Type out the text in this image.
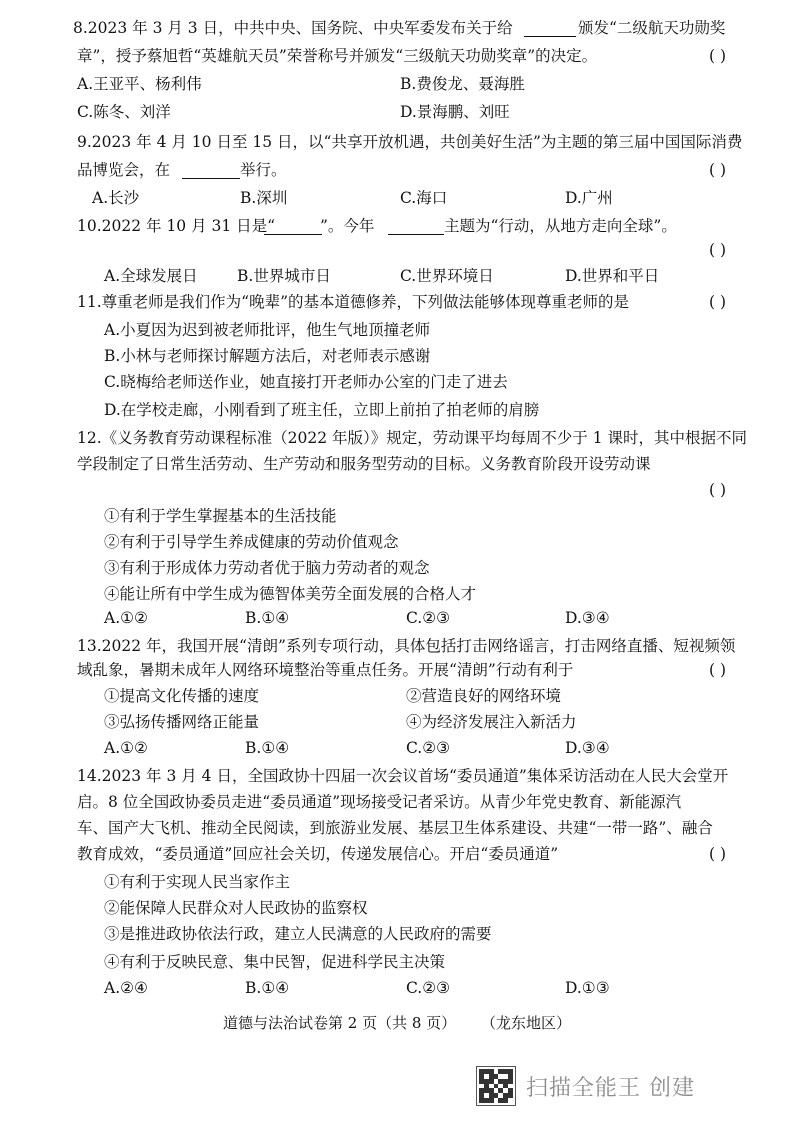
8.2023 年 3 月 3 日，中共中央、国务院、中央军委发布关于给	颁发“二级航天功勋奖
章”，授予蔡旭哲“英雄航天员”荣誉称号并颁发“三级航天功勋奖章”的决定。	( )
A.王亚平、杨利伟	B.费俊龙、聂海胜
C.陈冬、刘洋	D.景海鹏、刘旺
9.2023 年 4 月 10 日至 15 日，以“共享开放机遇，共创美好生活”为主题的第三届中国国际消费
品博览会，在	举行。	( )
A.长沙	B.深圳	C.海口	D.广州
10.2022 年 10 月 31 日是“	”。今年	主题为“行动，从地方走向全球”。
( )
A.全球发展日	B.世界城市日	C.世界环境日	D.世界和平日
11.尊重老师是我们作为“晚辈”的基本道德修养，下列做法能够体现尊重老师的是	( )
A.小夏因为迟到被老师批评，他生气地顶撞老师
B.小林与老师探讨解题方法后，对老师表示感谢
C.晓梅给老师送作业，她直接打开老师办公室的门走了进去
D.在学校走廊，小刚看到了班主任，立即上前拍了拍老师的肩膀
12.《义务教育劳动课程标准（2022 年版）》规定，劳动课平均每周不少于 1 课时，其中根据不同
学段制定了日常生活劳动、生产劳动和服务型劳动的目标。义务教育阶段开设劳动课
( )
①有利于学生掌握基本的生活技能
②有利于引导学生养成健康的劳动价值观念
③有利于形成体力劳动者优于脑力劳动者的观念
④能让所有中学生成为德智体美劳全面发展的合格人才
A.①②	B.①④	C.②③	D.③④
13.2022 年，我国开展“清朗”系列专项行动，具体包括打击网络谣言，打击网络直播、短视频领
域乱象，暑期未成年人网络环境整治等重点任务。开展“清朗”行动有利于	( )
①提高文化传播的速度	②营造良好的网络环境
③弘扬传播网络正能量	④为经济发展注入新活力
A.①②	B.①④	C.②③	D.③④
14.2023 年 3 月 4 日，全国政协十四届一次会议首场“委员通道”集体采访活动在人民大会堂开
启。8 位全国政协委员走进“委员通道”现场接受记者采访。从青少年党史教育、新能源汽
车、国产大飞机、推动全民阅读，到旅游业发展、基层卫生体系建设、共建“一带一路”、融合
教育成效，“委员通道”回应社会关切，传递发展信心。开启“委员通道”	( )
①有利于实现人民当家作主
②能保障人民群众对人民政协的监察权
③是推进政协依法行政，建立人民满意的人民政府的需要
④有利于反映民意、集中民智，促进科学民主决策
A.②④	B.①④	C.②③	D.①③
道德与法治试卷第 2 页（共 8 页） （龙东地区）
扫描全能王 创建
